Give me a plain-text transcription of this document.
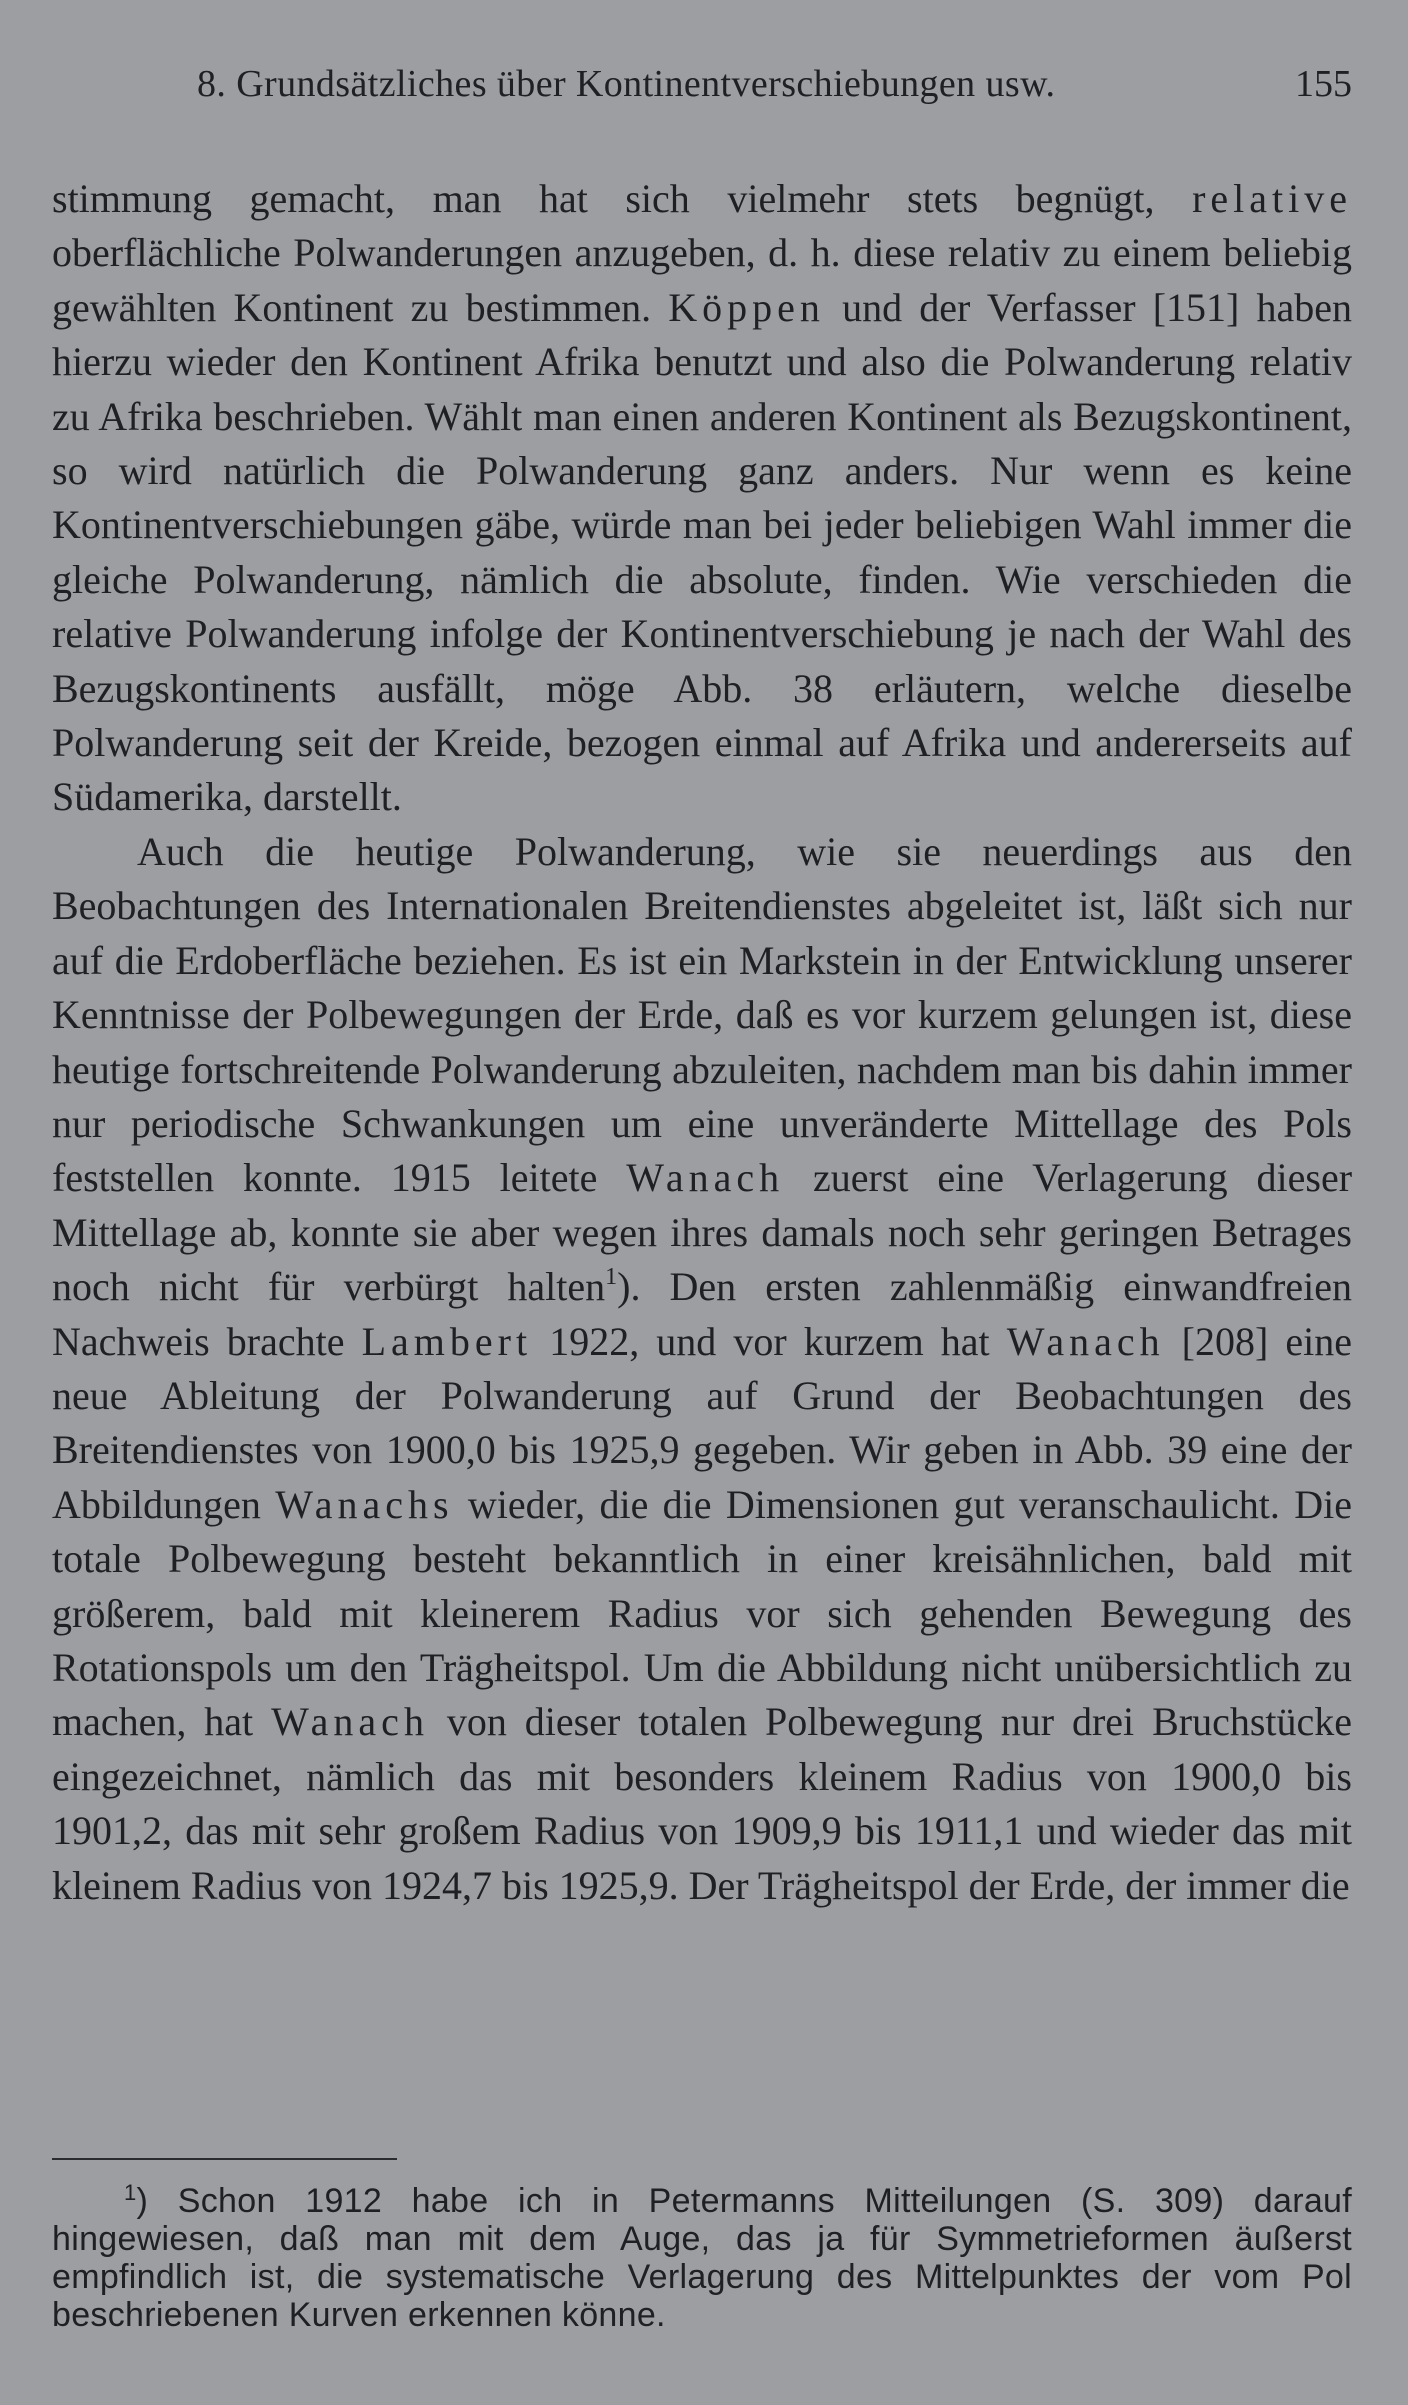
8. Grundsätzliches über Kontinentverschiebungen usw.	155

stimmung gemacht, man hat sich vielmehr stets begnügt, relative oberflächliche Polwanderungen anzugeben, d. h. diese relativ zu einem beliebig gewählten Kontinent zu bestimmen. Köppen und der Verfasser [151] haben hierzu wieder den Kontinent Afrika benutzt und also die Polwanderung relativ zu Afrika beschrieben. Wählt man einen anderen Kontinent als Bezugskontinent, so wird natürlich die Polwanderung ganz anders. Nur wenn es keine Kontinentverschiebungen gäbe, würde man bei jeder beliebigen Wahl immer die gleiche Polwanderung, nämlich die absolute, finden. Wie verschieden die relative Polwanderung infolge der Kontinentverschiebung je nach der Wahl des Bezugskontinents ausfällt, möge Abb. 38 erläutern, welche dieselbe Polwanderung seit der Kreide, bezogen einmal auf Afrika und andererseits auf Südamerika, darstellt.

Auch die heutige Polwanderung, wie sie neuerdings aus den Beobachtungen des Internationalen Breitendienstes abgeleitet ist, läßt sich nur auf die Erdoberfläche beziehen. Es ist ein Markstein in der Entwicklung unserer Kenntnisse der Polbewegungen der Erde, daß es vor kurzem gelungen ist, diese heutige fortschreitende Polwanderung abzuleiten, nachdem man bis dahin immer nur periodische Schwankungen um eine unveränderte Mittellage des Pols feststellen konnte. 1915 leitete Wanach zuerst eine Verlagerung dieser Mittellage ab, konnte sie aber wegen ihres damals noch sehr geringen Betrages noch nicht für verbürgt halten$^1$). Den ersten zahlenmäßig einwandfreien Nachweis brachte Lambert 1922, und vor kurzem hat Wanach [208] eine neue Ableitung der Polwanderung auf Grund der Beobachtungen des Breitendienstes von 1900,0 bis 1925,9 gegeben. Wir geben in Abb. 39 eine der Abbildungen Wanachs wieder, die die Dimensionen gut veranschaulicht. Die totale Polbewegung besteht bekanntlich in einer kreisähnlichen, bald mit größerem, bald mit kleinerem Radius vor sich gehenden Bewegung des Rotationspols um den Trägheitspol. Um die Abbildung nicht unübersichtlich zu machen, hat Wanach von dieser totalen Polbewegung nur drei Bruchstücke eingezeichnet, nämlich das mit besonders kleinem Radius von 1900,0 bis 1901,2, das mit sehr großem Radius von 1909,9 bis 1911,1 und wieder das mit kleinem Radius von 1924,7 bis 1925,9. Der Trägheitspol der Erde, der immer die

$^1$) Schon 1912 habe ich in Petermanns Mitteilungen (S. 309) darauf hingewiesen, daß man mit dem Auge, das ja für Symmetrieformen äußerst empfindlich ist, die systematische Verlagerung des Mittelpunktes der vom Pol beschriebenen Kurven erkennen könne.
